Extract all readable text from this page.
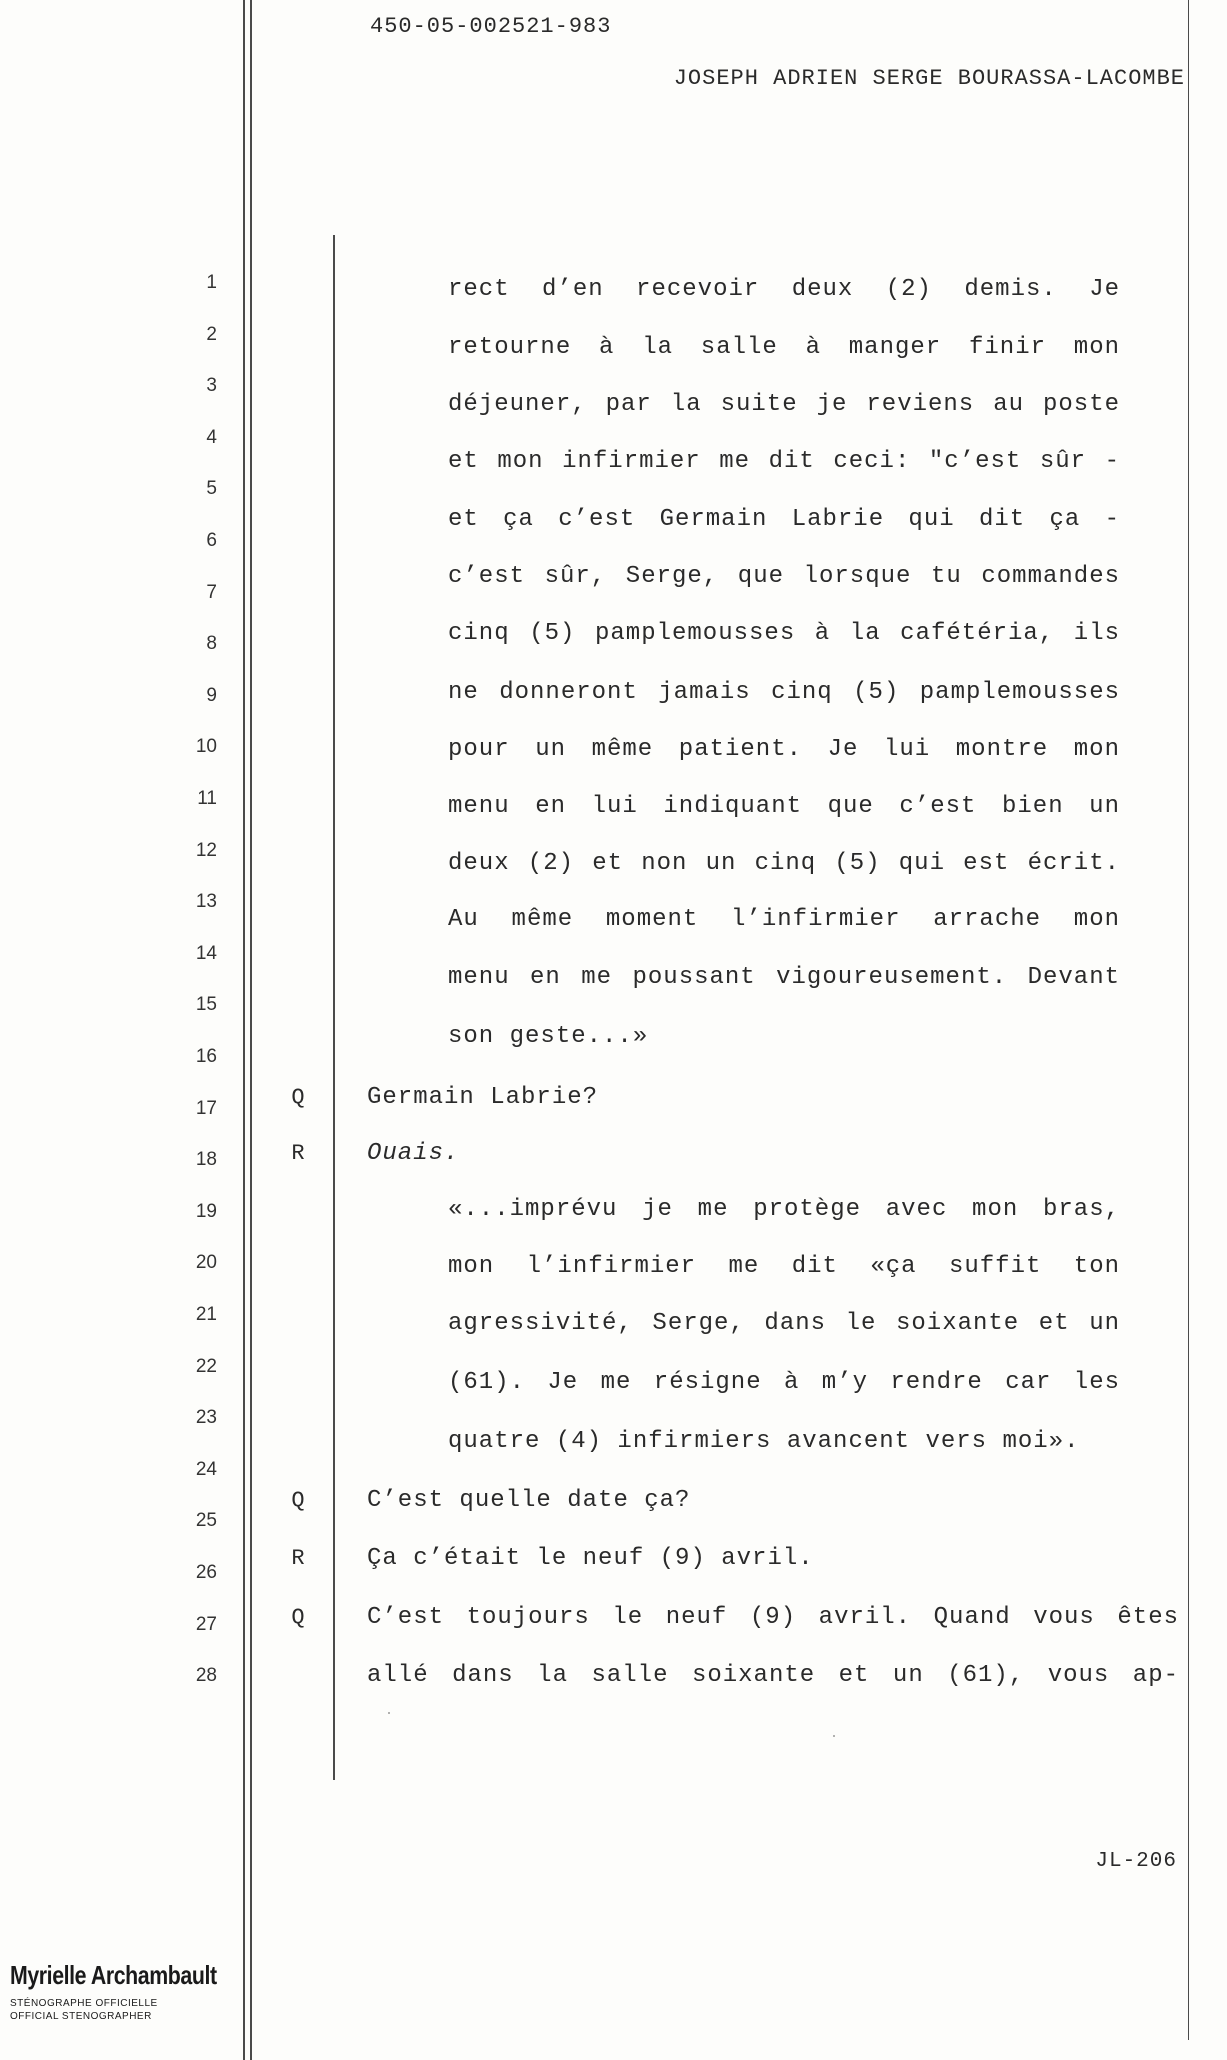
450-05-002521-983
JOSEPH ADRIEN SERGE BOURASSA-LACOMBE
1
2
3
4
5
6
7
8
9
10
11
12
13
14
15
16
17
18
19
20
21
22
23
24
25
26
27
28
rect d’en recevoir deux (2) demis. Je
retourne à la salle à manger finir mon
déjeuner, par la suite je reviens au poste
et mon infirmier me dit ceci: "c’est sûr -
et ça c’est Germain Labrie qui dit ça -
c’est sûr, Serge, que lorsque tu commandes
cinq (5) pamplemousses à la cafétéria, ils
ne donneront jamais cinq (5) pamplemousses
pour un même patient. Je lui montre mon
menu en lui indiquant que c’est bien un
deux (2) et non un cinq (5) qui est écrit.
Au même moment l’infirmier arrache mon
menu en me poussant vigoureusement. Devant
son geste...»
Q	Germain Labrie?
R	Ouais.
«...imprévu je me protège avec mon bras,
mon l’infirmier me dit «ça suffit ton
agressivité, Serge, dans le soixante et un
(61). Je me résigne à m’y rendre car les
quatre (4) infirmiers avancent vers moi».
Q	C’est quelle date ça?
R	Ça c’était le neuf (9) avril.
Q	C’est toujours le neuf (9) avril. Quand vous êtes
allé dans la salle soixante et un (61), vous ap-
JL-206
Myrielle Archambault
STÉNOGRAPHE OFFICIELLE
OFFICIAL STENOGRAPHER
